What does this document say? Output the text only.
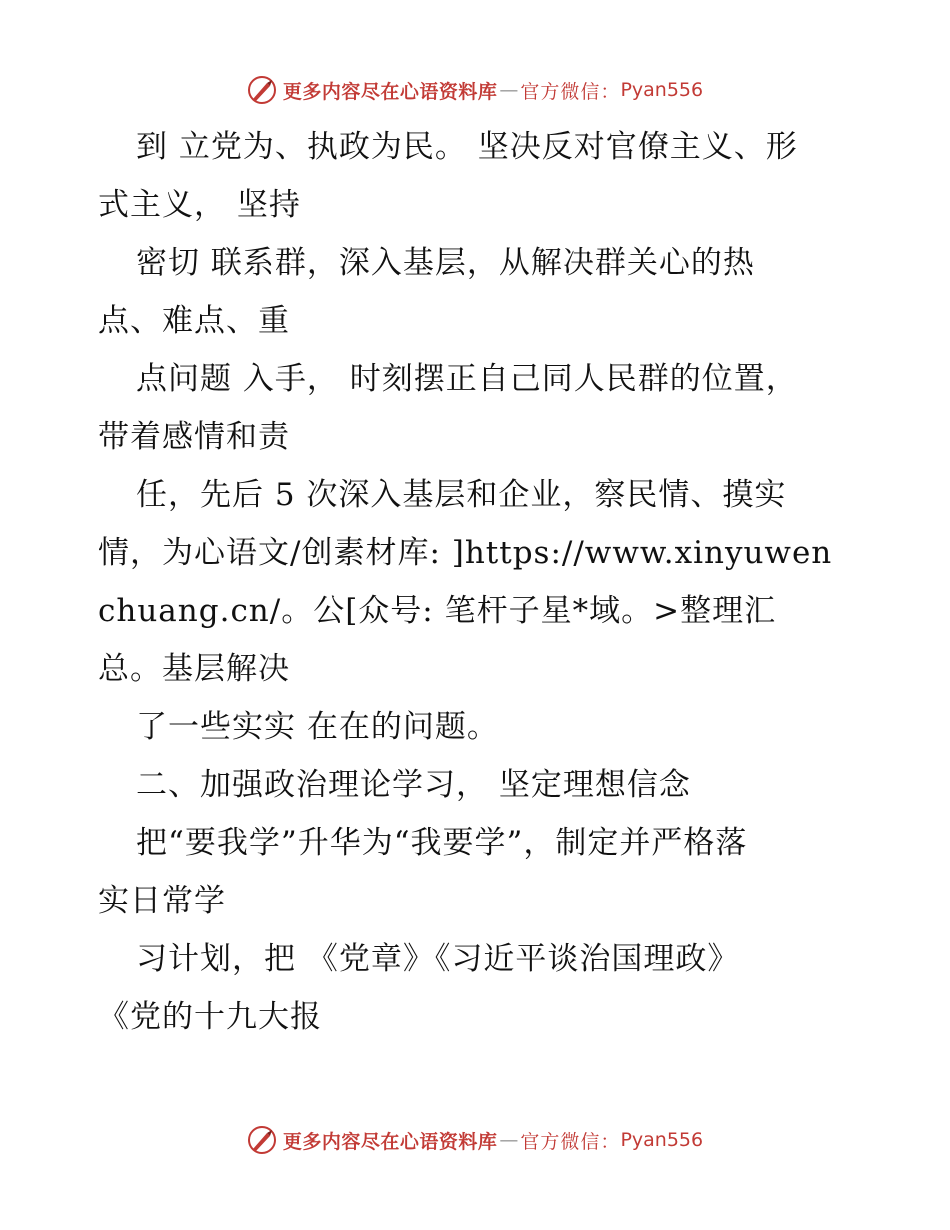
更多内容尽在心语资料库 — 官方微信： Pyan556
到 立党为、执政为民。 坚决反对官僚主义、形
式主义， 坚持
密切 联系群，深入基层，从解决群关心的热
点、难点、重
点问题 入手， 时刻摆正自己同人民群的位置，
带着感情和责
任，先后 5 次深入基层和企业，察民情、摸实
情，为心语文/创素材库: ]https://www.xinyuwen
chuang.cn/。公[众号: 笔杆子星*域。>整理汇
总。基层解决
了一些实实 在在的问题。
二、加强政治理论学习， 坚定理想信念
把“要我学”升华为“我要学”，制定并严格落
实日常学
习计划，把 《党章》《习近平谈治国理政》
《党的十九大报
更多内容尽在心语资料库 — 官方微信： Pyan556
